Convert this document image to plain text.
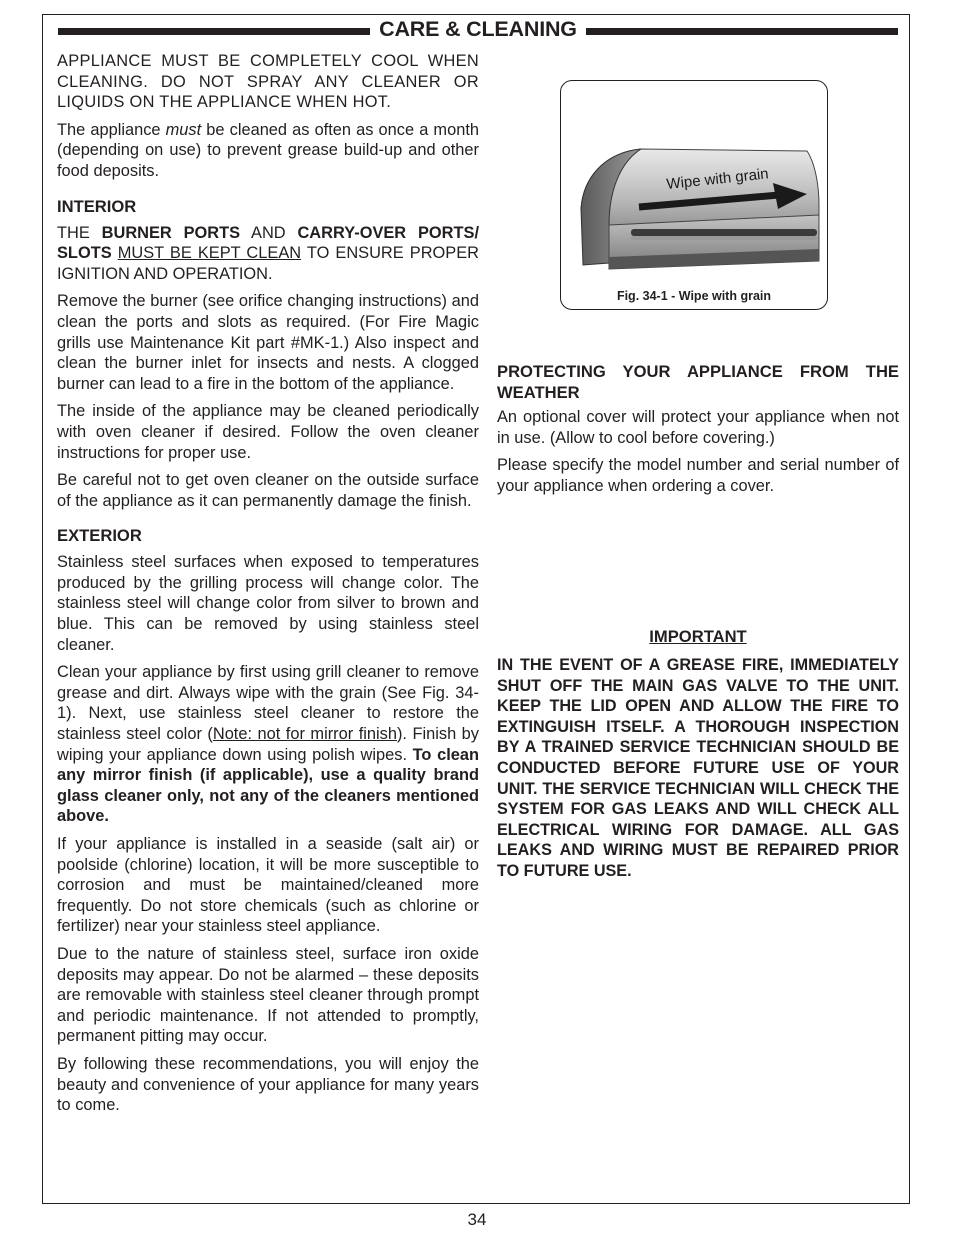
CARE & CLEANING

APPLIANCE MUST BE COMPLETELY COOL WHEN CLEANING. DO NOT SPRAY ANY CLEANER OR LIQUIDS ON THE APPLIANCE WHEN HOT.

The appliance must be cleaned as often as once a month (depending on use) to prevent grease build-up and other food deposits.

INTERIOR

THE BURNER PORTS AND CARRY-OVER PORTS/ SLOTS MUST BE KEPT CLEAN TO ENSURE PROPER IGNITION AND OPERATION.

Remove the burner (see orifice changing instructions) and clean the ports and slots as required. (For Fire Magic grills use Maintenance Kit part #MK-1.) Also inspect and clean the burner inlet for insects and nests. A clogged burner can lead to a fire in the bottom of the appliance.

The inside of the appliance may be cleaned periodically with oven cleaner if desired. Follow the oven cleaner instructions for proper use.

Be careful not to get oven cleaner on the outside surface of the appliance as it can permanently damage the finish.

EXTERIOR

Stainless steel surfaces when exposed to temperatures produced by the grilling process will change color. The stainless steel will change color from silver to brown and blue. This can be removed by using stainless steel cleaner.

Clean your appliance by first using grill cleaner to remove grease and dirt. Always wipe with the grain (See Fig. 34-1). Next, use stainless steel cleaner to restore the stainless steel color (Note: not for mirror finish). Finish by wiping your appliance down using polish wipes. To clean any mirror finish (if applicable), use a quality brand glass cleaner only, not any of the cleaners mentioned above.

If your appliance is installed in a seaside (salt air) or poolside (chlorine) location, it will be more susceptible to corrosion and must be maintained/cleaned more frequently. Do not store chemicals (such as chlorine or fertilizer) near your stainless steel appliance.

Due to the nature of stainless steel, surface iron oxide deposits may appear. Do not be alarmed – these deposits are removable with stainless steel cleaner through prompt and periodic maintenance. If not attended to promptly, permanent pitting may occur.

By following these recommendations, you will enjoy the beauty and convenience of your appliance for many years to come.

Wipe with grain
Fig. 34-1 - Wipe with grain
PROTECTING YOUR APPLIANCE FROM THE WEATHER

An optional cover will protect your appliance when not in use. (Allow to cool before covering.)

Please specify the model number and serial number of your appliance when ordering a cover.

IMPORTANT
IN THE EVENT OF A GREASE FIRE, IMMEDIATELY SHUT OFF THE MAIN GAS VALVE TO THE UNIT. KEEP THE LID OPEN AND ALLOW THE FIRE TO EXTINGUISH ITSELF. A THOROUGH INSPECTION BY A TRAINED SERVICE TECHNICIAN SHOULD BE CONDUCTED BEFORE FUTURE USE OF YOUR UNIT. THE SERVICE TECHNICIAN WILL CHECK THE SYSTEM FOR GAS LEAKS AND WILL CHECK ALL ELECTRICAL WIRING FOR DAMAGE. ALL GAS LEAKS AND WIRING MUST BE REPAIRED PRIOR TO FUTURE USE.
34
